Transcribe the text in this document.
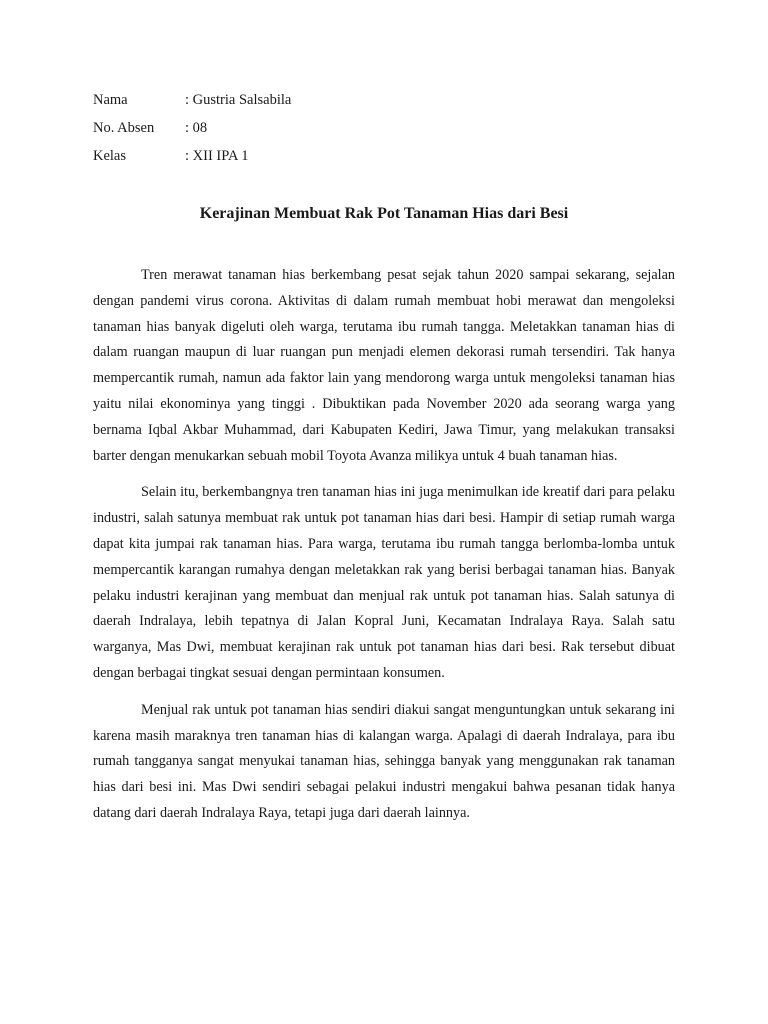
Nama	: Gustria Salsabila
No. Absen	: 08
Kelas	: XII IPA 1
Kerajinan Membuat Rak Pot Tanaman Hias dari Besi

Tren merawat tanaman hias berkembang pesat sejak tahun 2020 sampai sekarang, sejalan dengan pandemi virus corona. Aktivitas di dalam rumah membuat hobi merawat dan mengoleksi tanaman hias banyak digeluti oleh warga, terutama ibu rumah tangga. Meletakkan tanaman hias di dalam ruangan maupun di luar ruangan pun menjadi elemen dekorasi rumah tersendiri. Tak hanya mempercantik rumah, namun ada faktor lain yang mendorong warga untuk mengoleksi tanaman hias yaitu nilai ekonominya yang tinggi . Dibuktikan pada November 2020 ada seorang warga yang bernama Iqbal Akbar Muhammad, dari Kabupaten Kediri, Jawa Timur, yang melakukan transaksi barter dengan menukarkan sebuah mobil Toyota Avanza milikya untuk 4 buah tanaman hias.

Selain itu, berkembangnya tren tanaman hias ini juga menimulkan ide kreatif dari para pelaku industri, salah satunya membuat rak untuk pot tanaman hias dari besi. Hampir di setiap rumah warga dapat kita jumpai rak tanaman hias. Para warga, terutama ibu rumah tangga berlomba-lomba untuk mempercantik karangan rumahya dengan meletakkan rak yang berisi berbagai tanaman hias. Banyak pelaku industri kerajinan yang membuat dan menjual rak untuk pot tanaman hias. Salah satunya di daerah Indralaya, lebih tepatnya di Jalan Kopral Juni, Kecamatan Indralaya Raya. Salah satu warganya, Mas Dwi, membuat kerajinan rak untuk pot tanaman hias dari besi. Rak tersebut dibuat dengan berbagai tingkat sesuai dengan permintaan konsumen.

Menjual rak untuk pot tanaman hias sendiri diakui sangat menguntungkan untuk sekarang ini karena masih maraknya tren tanaman hias di kalangan warga. Apalagi di daerah Indralaya, para ibu rumah tangganya sangat menyukai tanaman hias, sehingga banyak yang menggunakan rak tanaman hias dari besi ini. Mas Dwi sendiri sebagai pelakui industri mengakui bahwa pesanan tidak hanya datang dari daerah Indralaya Raya, tetapi juga dari daerah lainnya.
